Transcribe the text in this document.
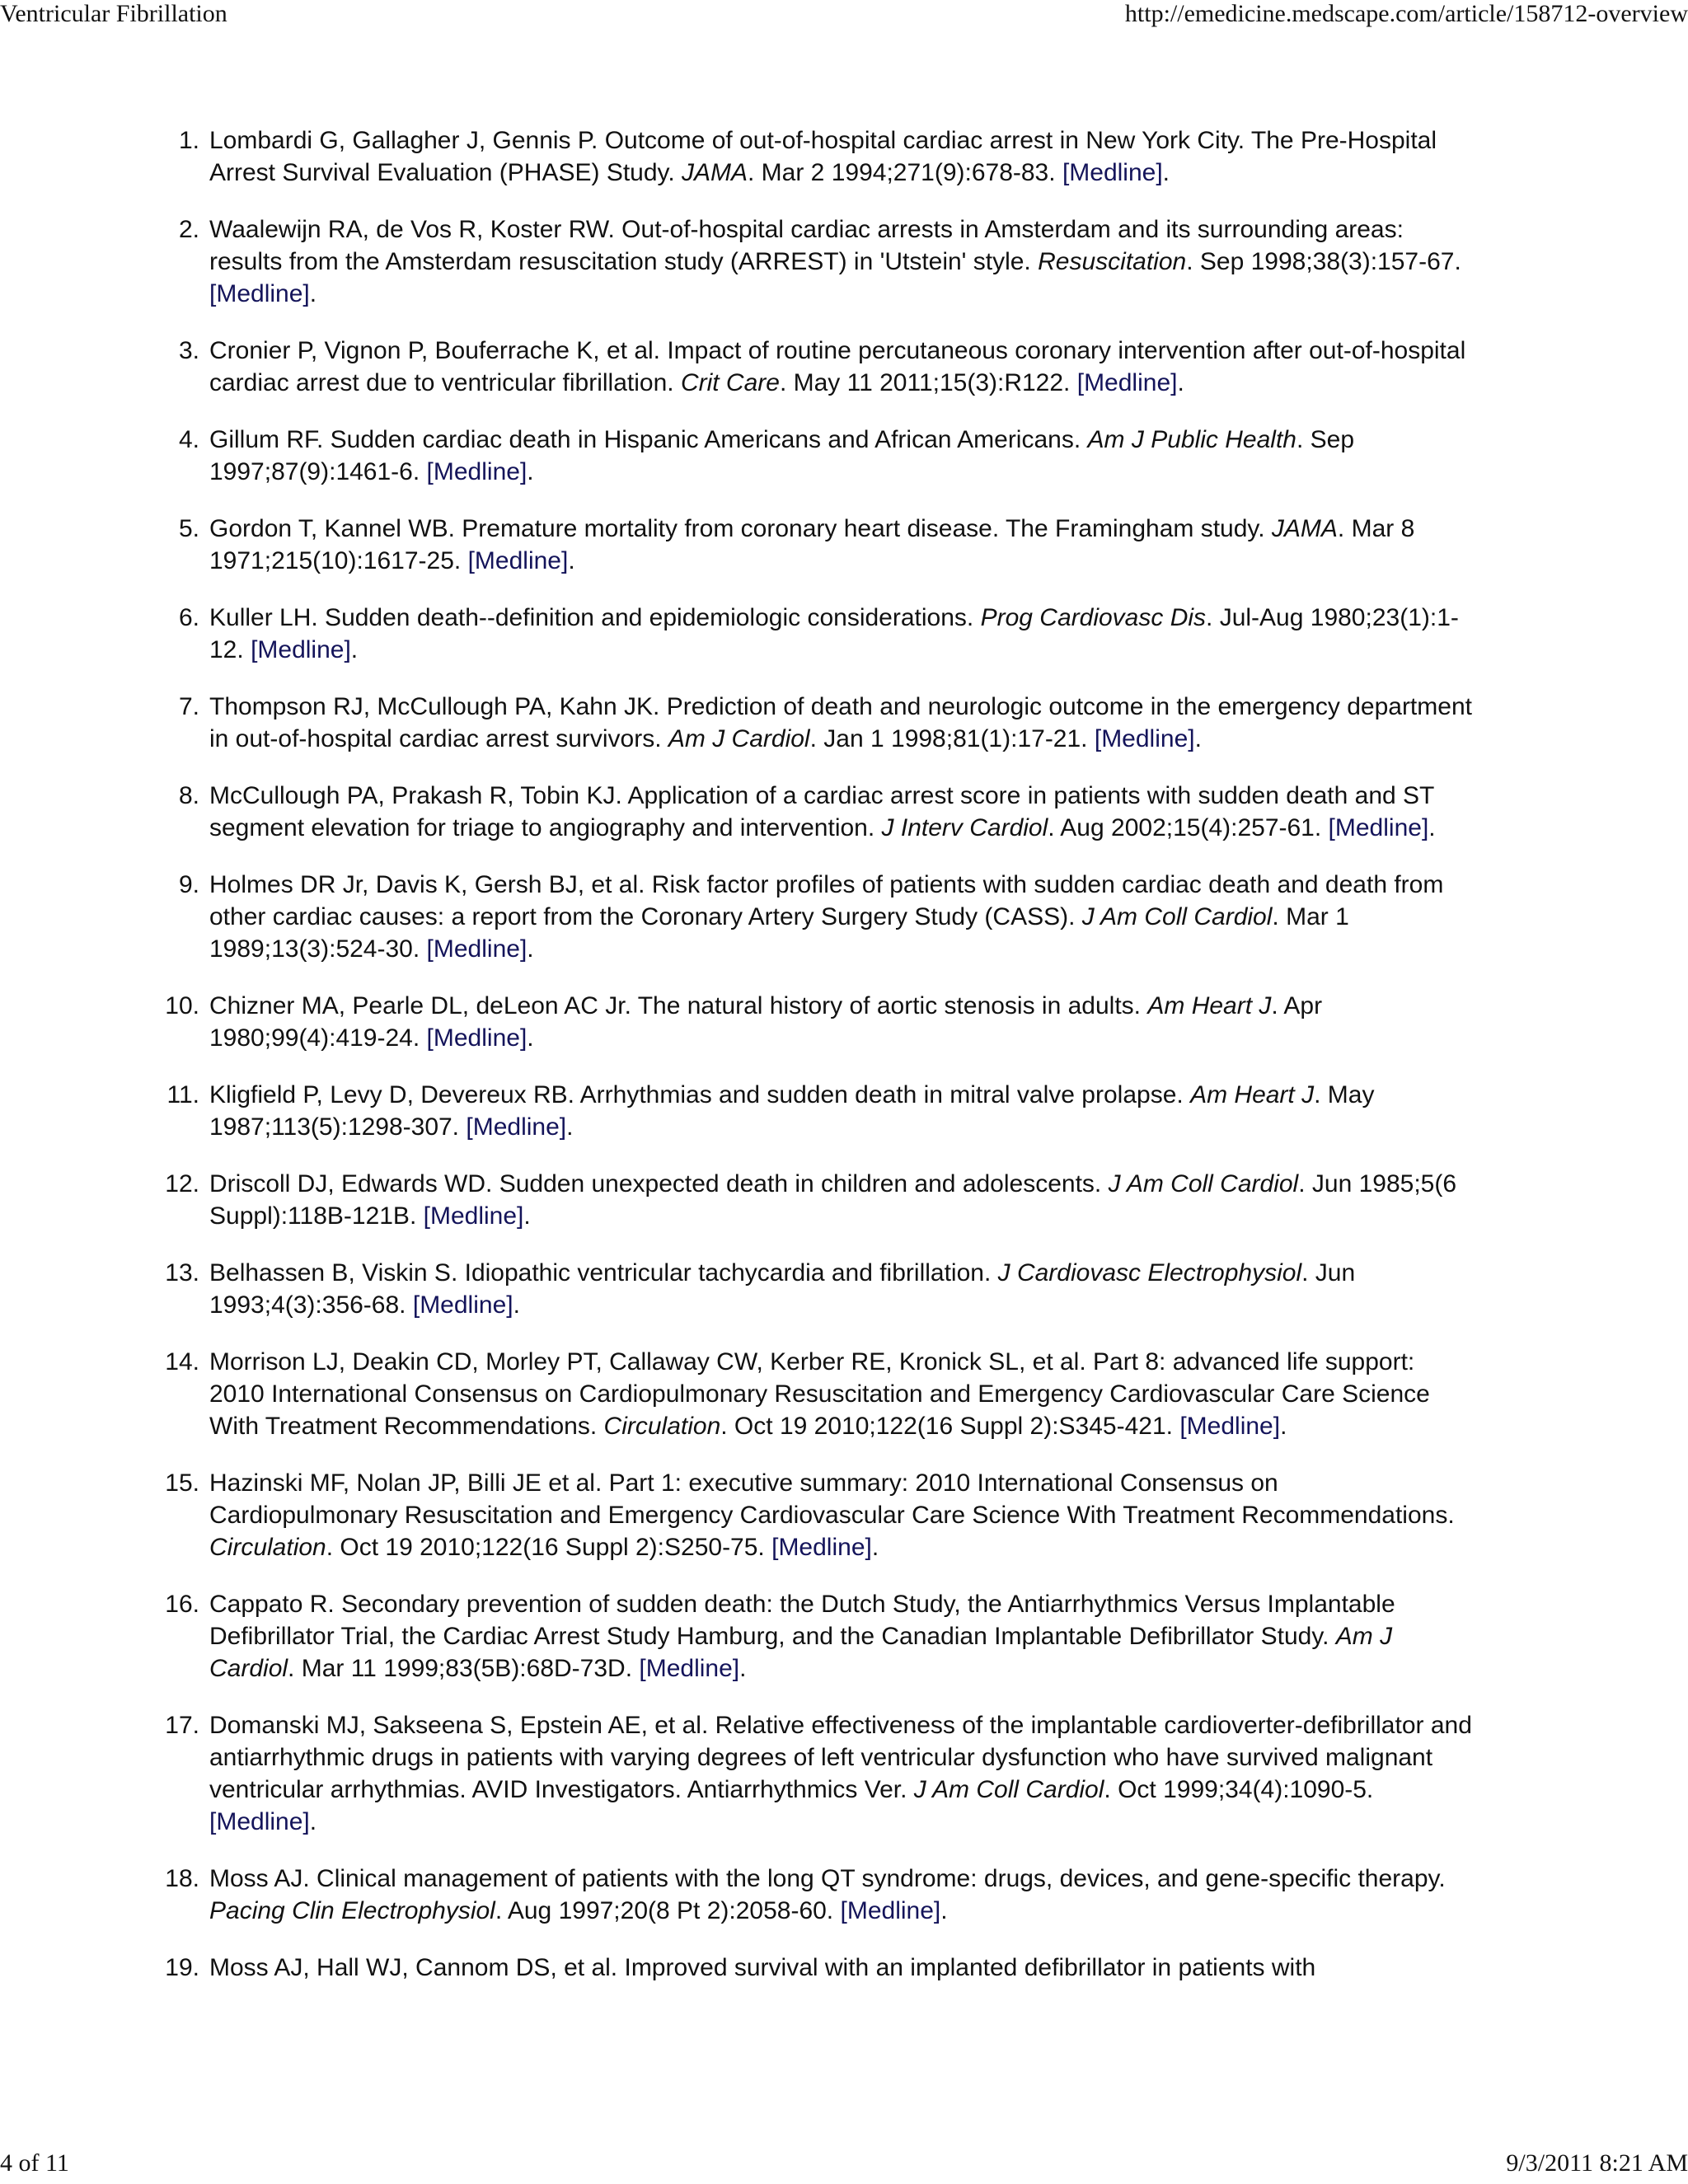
Ventricular Fibrillation	http://emedicine.medscape.com/article/158712-overview
1. Lombardi G, Gallagher J, Gennis P. Outcome of out-of-hospital cardiac arrest in New York City. The Pre-Hospital Arrest Survival Evaluation (PHASE) Study. JAMA. Mar 2 1994;271(9):678-83. [Medline].
2. Waalewijn RA, de Vos R, Koster RW. Out-of-hospital cardiac arrests in Amsterdam and its surrounding areas: results from the Amsterdam resuscitation study (ARREST) in 'Utstein' style. Resuscitation. Sep 1998;38(3):157-67. [Medline].
3. Cronier P, Vignon P, Bouferrache K, et al. Impact of routine percutaneous coronary intervention after out-of-hospital cardiac arrest due to ventricular fibrillation. Crit Care. May 11 2011;15(3):R122. [Medline].
4. Gillum RF. Sudden cardiac death in Hispanic Americans and African Americans. Am J Public Health. Sep 1997;87(9):1461-6. [Medline].
5. Gordon T, Kannel WB. Premature mortality from coronary heart disease. The Framingham study. JAMA. Mar 8 1971;215(10):1617-25. [Medline].
6. Kuller LH. Sudden death--definition and epidemiologic considerations. Prog Cardiovasc Dis. Jul-Aug 1980;23(1):1-12. [Medline].
7. Thompson RJ, McCullough PA, Kahn JK. Prediction of death and neurologic outcome in the emergency department in out-of-hospital cardiac arrest survivors. Am J Cardiol. Jan 1 1998;81(1):17-21. [Medline].
8. McCullough PA, Prakash R, Tobin KJ. Application of a cardiac arrest score in patients with sudden death and ST segment elevation for triage to angiography and intervention. J Interv Cardiol. Aug 2002;15(4):257-61. [Medline].
9. Holmes DR Jr, Davis K, Gersh BJ, et al. Risk factor profiles of patients with sudden cardiac death and death from other cardiac causes: a report from the Coronary Artery Surgery Study (CASS). J Am Coll Cardiol. Mar 1 1989;13(3):524-30. [Medline].
10. Chizner MA, Pearle DL, deLeon AC Jr. The natural history of aortic stenosis in adults. Am Heart J. Apr 1980;99(4):419-24. [Medline].
11. Kligfield P, Levy D, Devereux RB. Arrhythmias and sudden death in mitral valve prolapse. Am Heart J. May 1987;113(5):1298-307. [Medline].
12. Driscoll DJ, Edwards WD. Sudden unexpected death in children and adolescents. J Am Coll Cardiol. Jun 1985;5(6 Suppl):118B-121B. [Medline].
13. Belhassen B, Viskin S. Idiopathic ventricular tachycardia and fibrillation. J Cardiovasc Electrophysiol. Jun 1993;4(3):356-68. [Medline].
14. Morrison LJ, Deakin CD, Morley PT, Callaway CW, Kerber RE, Kronick SL, et al. Part 8: advanced life support: 2010 International Consensus on Cardiopulmonary Resuscitation and Emergency Cardiovascular Care Science With Treatment Recommendations. Circulation. Oct 19 2010;122(16 Suppl 2):S345-421. [Medline].
15. Hazinski MF, Nolan JP, Billi JE et al. Part 1: executive summary: 2010 International Consensus on Cardiopulmonary Resuscitation and Emergency Cardiovascular Care Science With Treatment Recommendations. Circulation. Oct 19 2010;122(16 Suppl 2):S250-75. [Medline].
16. Cappato R. Secondary prevention of sudden death: the Dutch Study, the Antiarrhythmics Versus Implantable Defibrillator Trial, the Cardiac Arrest Study Hamburg, and the Canadian Implantable Defibrillator Study. Am J Cardiol. Mar 11 1999;83(5B):68D-73D. [Medline].
17. Domanski MJ, Sakseena S, Epstein AE, et al. Relative effectiveness of the implantable cardioverter-defibrillator and antiarrhythmic drugs in patients with varying degrees of left ventricular dysfunction who have survived malignant ventricular arrhythmias. AVID Investigators. Antiarrhythmics Ver. J Am Coll Cardiol. Oct 1999;34(4):1090-5. [Medline].
18. Moss AJ. Clinical management of patients with the long QT syndrome: drugs, devices, and gene-specific therapy. Pacing Clin Electrophysiol. Aug 1997;20(8 Pt 2):2058-60. [Medline].
19. Moss AJ, Hall WJ, Cannom DS, et al. Improved survival with an implanted defibrillator in patients with
4 of 11	9/3/2011 8:21 AM
